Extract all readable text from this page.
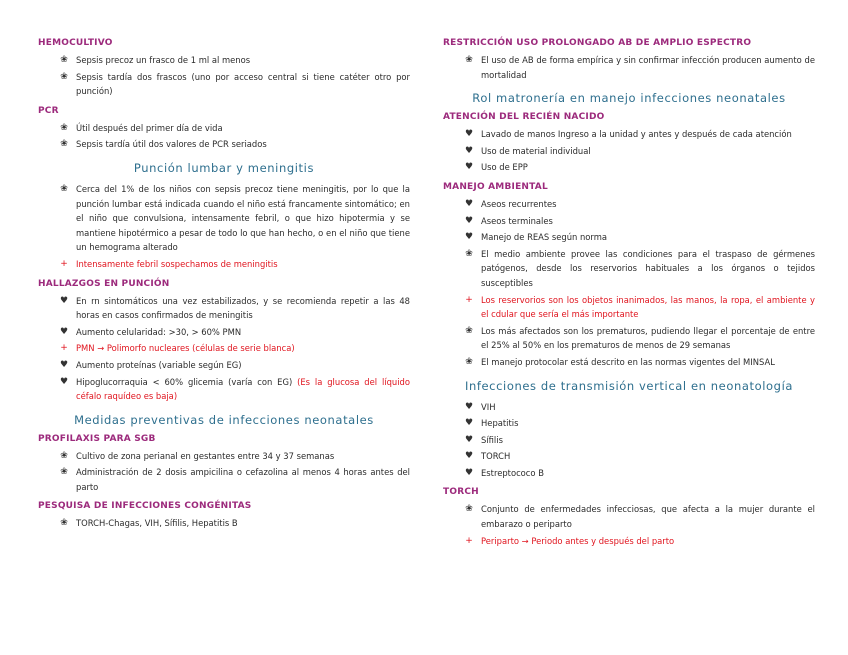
HEMOCULTIVO
❀ Sepsis precoz un frasco de 1 ml al menos
❀ Sepsis tardía dos frascos (uno por acceso central si tiene catéter otro por punción)
PCR
❀ Útil después del primer día de vida
❀ Sepsis tardía útil dos valores de PCR seriados
Punción lumbar y meningitis
❀ Cerca del 1% de los niños con sepsis precoz tiene meningitis, por lo que la punción lumbar está indicada cuando el niño está francamente sintomático; en el niño que convulsiona, intensamente febril, o que hizo hipotermia y se mantiene hipotérmico a pesar de todo lo que han hecho, o en el niño que tiene un hemograma alterado
+ Intensamente febril sospechamos de meningitis
HALLAZGOS EN PUNCIÓN
♥ En rn sintomáticos una vez estabilizados, y se recomienda repetir a las 48 horas en casos confirmados de meningitis
♥ Aumento celularidad: >30, > 60% PMN
+ PMN → Polimorfo nucleares (células de serie blanca)
♥ Aumento proteínas (variable según EG)
♥ Hipoglucorraquia < 60% glicemia (varía con EG) (Es la glucosa del líquido céfalo raquídeo es baja)
Medidas preventivas de infecciones neonatales
PROFILAXIS PARA SGB
❀ Cultivo de zona perianal en gestantes entre 34 y 37 semanas
❀ Administración de 2 dosis ampicilina o cefazolina al menos 4 horas antes del parto
PESQUISA DE INFECCIONES CONGÉNITAS
❀ TORCH-Chagas, VIH, Sífilis, Hepatitis B
RESTRICCIÓN USO PROLONGADO AB DE AMPLIO ESPECTRO
❀ El uso de AB de forma empírica y sin confirmar infección producen aumento de mortalidad
Rol matronería en manejo infecciones neonatales
ATENCIÓN DEL RECIÉN NACIDO
♥ Lavado de manos Ingreso a la unidad y antes y después de cada atención
♥ Uso de material individual
♥ Uso de EPP
MANEJO AMBIENTAL
♥ Aseos recurrentes
♥ Aseos terminales
♥ Manejo de REAS según norma
❀ El medio ambiente provee las condiciones para el traspaso de gérmenes patógenos, desde los reservorios habituales a los órganos o tejidos susceptibles
+ Los reservorios son los objetos inanimados, las manos, la ropa, el ambiente y el cdular que sería el más importante
❀ Los más afectados son los prematuros, pudiendo llegar el porcentaje de entre el 25% al 50% en los prematuros de menos de 29 semanas
❀ El manejo protocolar está descrito en las normas vigentes del MINSAL
Infecciones de transmisión vertical en neonatología
♥ VIH
♥ Hepatitis
♥ Sífilis
♥ TORCH
♥ Estreptococo B
TORCH
❀ Conjunto de enfermedades infecciosas, que afecta a la mujer durante el embarazo o periparto
+ Periparto → Periodo antes y después del parto
